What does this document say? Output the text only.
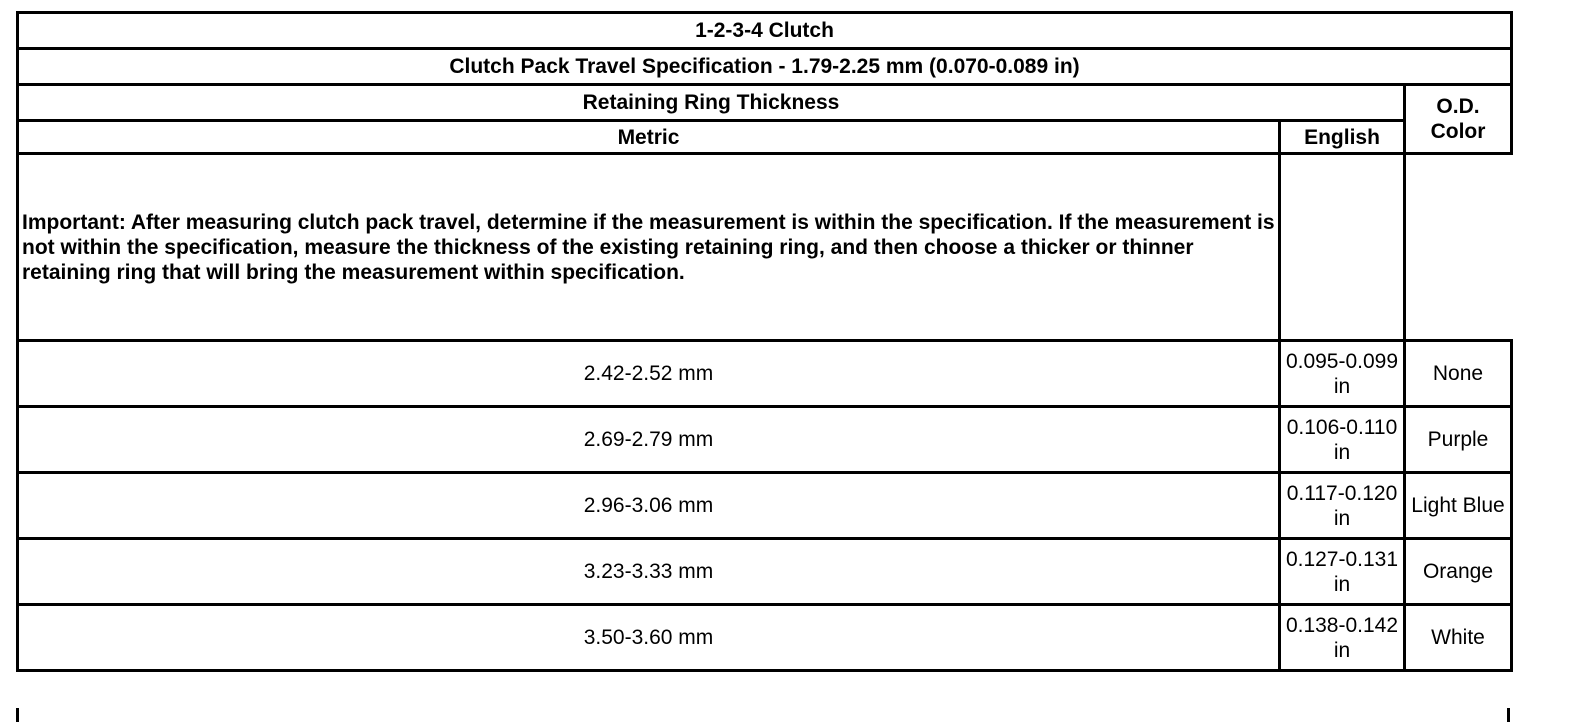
1-2-3-4 Clutch		
Clutch Pack Travel Specification - 1.79-2.25 mm (0.070-0.089 in)		
Retaining Ring Thickness		O.D. Color
Metric	English	
Important: After measuring clutch pack travel, determine if the measurement is within the specification. If the measurement is not within the specification, measure the thickness of the existing retaining ring, and then choose a thicker or thinner retaining ring that will bring the measurement within specification.		
2.42-2.52 mm	0.095-0.099 in	None
2.69-2.79 mm	0.106-0.110 in	Purple
2.96-3.06 mm	0.117-0.120 in	Light Blue
3.23-3.33 mm	0.127-0.131 in	Orange
3.50-3.60 mm	0.138-0.142 in	White
